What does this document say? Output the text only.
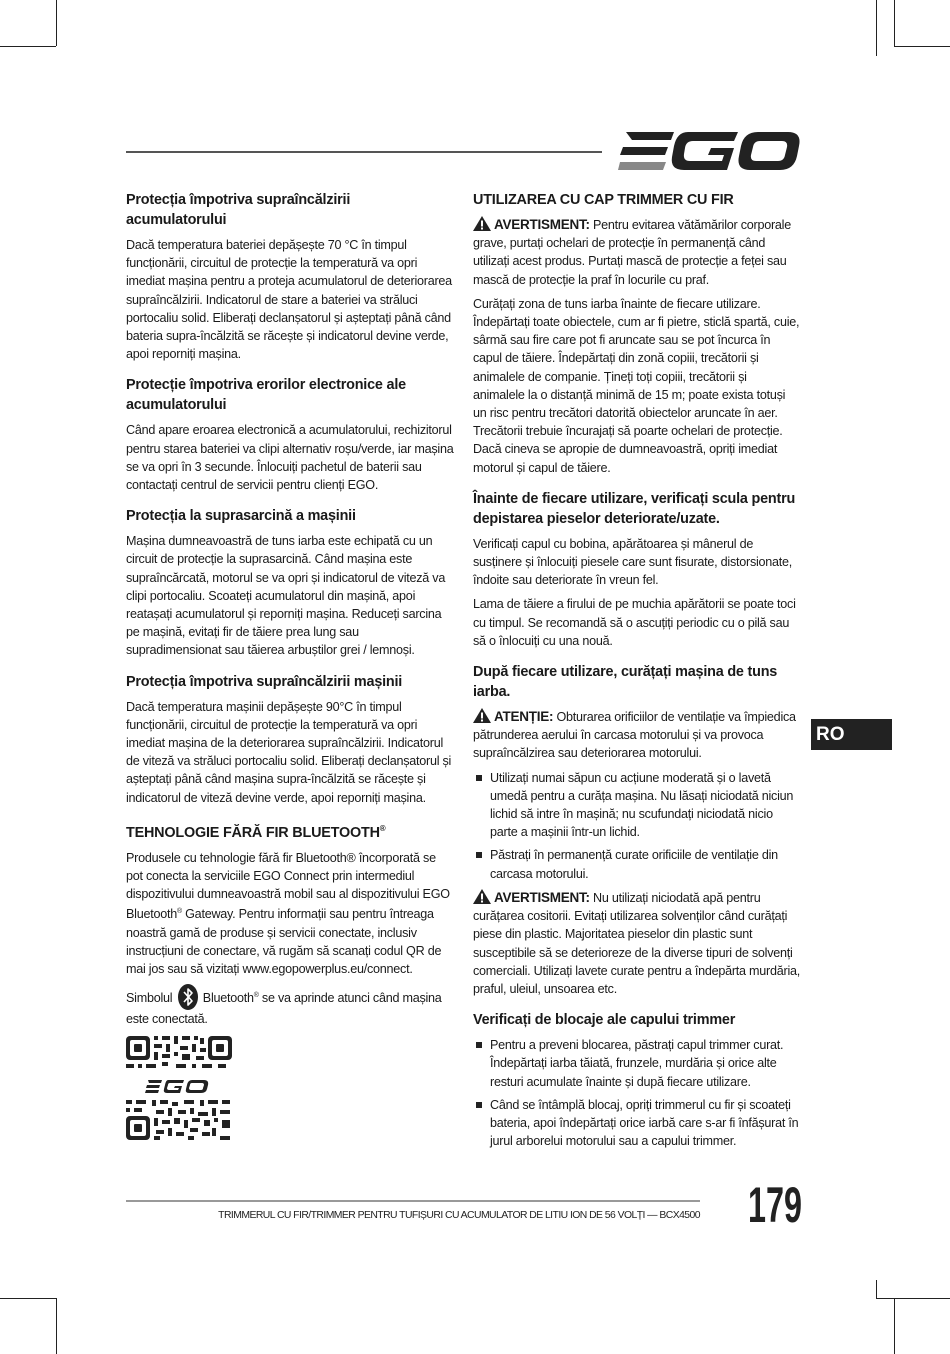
Protecția împotriva supraîncălzirii acumulatorului

Dacă temperatura bateriei depășește 70 °C în timpul funcționării, circuitul de protecție la temperatură va opri imediat mașina pentru a proteja acumulatorul de deteriorarea supraîncălzirii. Indicatorul de stare a bateriei va străluci portocaliu solid. Eliberați declanșatorul și așteptați până când bateria supra-încălzită se răcește și indicatorul devine verde, apoi reporniți mașina.

Protecție împotriva erorilor electronice ale acumulatorului

Când apare eroarea electronică a acumulatorului, rechizitorul pentru starea bateriei va clipi alternativ roșu/verde, iar mașina se va opri în 3 secunde. Înlocuiți pachetul de baterii sau contactați centrul de servicii pentru clienți EGO.

Protecția la suprasarcină a mașinii

Mașina dumneavoastră de tuns iarba este echipată cu un circuit de protecție la suprasarcină. Când mașina este supraîncărcată, motorul se va opri și indicatorul de viteză va clipi portocaliu. Scoateți acumulatorul din mașină, apoi reatașați acumulatorul și reporniți mașina. Reduceți sarcina pe mașină, evitați fir de tăiere prea lung sau supradimensionat sau tăierea arbuștilor grei / lemnoși.

Protecția împotriva supraîncălzirii mașinii

Dacă temperatura mașinii depășește 90°C în timpul funcționării, circuitul de protecție la temperatură va opri imediat mașina de la deteriorarea supraîncălzirii. Indicatorul de viteză va străluci portocaliu solid. Eliberați declanșatorul și așteptați până când mașina supra-încălzită se răcește și indicatorul de viteză devine verde, apoi reporniți mașina.

TEHNOLOGIE FĂRĂ FIR BLUETOOTH®

Produsele cu tehnologie fără fir Bluetooth® încorporată se pot conecta la serviciile EGO Connect prin intermediul dispozitivului dumneavoastră mobil sau al dispozitivului EGO Bluetooth® Gateway. Pentru informații sau pentru întreaga noastră gamă de produse și servicii conectate, inclusiv instrucțiuni de conectare, vă rugăm să scanați codul QR de mai jos sau să vizitați www.egopowerplus.eu/connect.

Simbolul Bluetooth® se va aprinde atunci când mașina este conectată.

UTILIZAREA CU CAP TRIMMER CU FIR

AVERTISMENT: Pentru evitarea vătămărilor corporale grave, purtați ochelari de protecție în permanență când utilizați acest produs. Purtați mască de protecție a feței sau mască de protecție la praf în locurile cu praf.

Curățați zona de tuns iarba înainte de fiecare utilizare. Îndepărtați toate obiectele, cum ar fi pietre, sticlă spartă, cuie, sârmă sau fire care pot fi aruncate sau se pot încurca în capul de tăiere. Îndepărtați din zonă copiii, trecătorii și animalele de companie. Țineți toți copiii, trecătorii și animalele la o distanță minimă de 15 m; poate exista totuși un risc pentru trecători datorită obiectelor aruncate în aer. Trecătorii trebuie încurajați să poarte ochelari de protecție. Dacă cineva se apropie de dumneavoastră, opriți imediat motorul și capul de tăiere.

Înainte de fiecare utilizare, verificați scula pentru depistarea pieselor deteriorate/uzate.

Verificați capul cu bobina, apărătoarea și mânerul de susținere și înlocuiți piesele care sunt fisurate, distorsionate, îndoite sau deteriorate în vreun fel.

Lama de tăiere a firului de pe muchia apărătorii se poate toci cu timpul. Se recomandă să o ascuțiți periodic cu o pilă sau să o înlocuiți cu una nouă.

După fiecare utilizare, curățați mașina de tuns iarba.

ATENȚIE: Obturarea orificiilor de ventilație va împiedica pătrunderea aerului în carcasa motorului și va provoca supraîncălzirea sau deteriorarea motorului.

Utilizați numai săpun cu acțiune moderată și o lavetă umedă pentru a curăța mașina. Nu lăsați niciodată niciun lichid să intre în mașină; nu scufundați niciodată nicio parte a mașinii într-un lichid.
Păstrați în permanență curate orificiile de ventilație din carcasa motorului.

AVERTISMENT: Nu utilizați niciodată apă pentru curățarea cositorii. Evitați utilizarea solvenților când curățați piese din plastic. Majoritatea pieselor din plastic sunt susceptibile să se deterioreze de la diverse tipuri de solvenți comerciali. Utilizați lavete curate pentru a îndepărta murdăria, praful, uleiul, unsoarea etc.

Verificați de blocaje ale capului trimmer
Pentru a preveni blocarea, păstrați capul trimmer curat. Îndepărtați iarba tăiată, frunzele, murdăria și orice alte resturi acumulate înainte și după fiecare utilizare.
Când se întâmplă blocaj, opriți trimmerul cu fir și scoateți bateria, apoi îndepărtați orice iarbă care s-ar fi înfășurat în jurul arborelui motorului sau a capului trimmer.
RO
TRIMMERUL CU FIR/TRIMMER PENTRU TUFIȘURI CU ACUMULATOR DE LITIU ION DE 56 VOLȚI — BCX4500 179
